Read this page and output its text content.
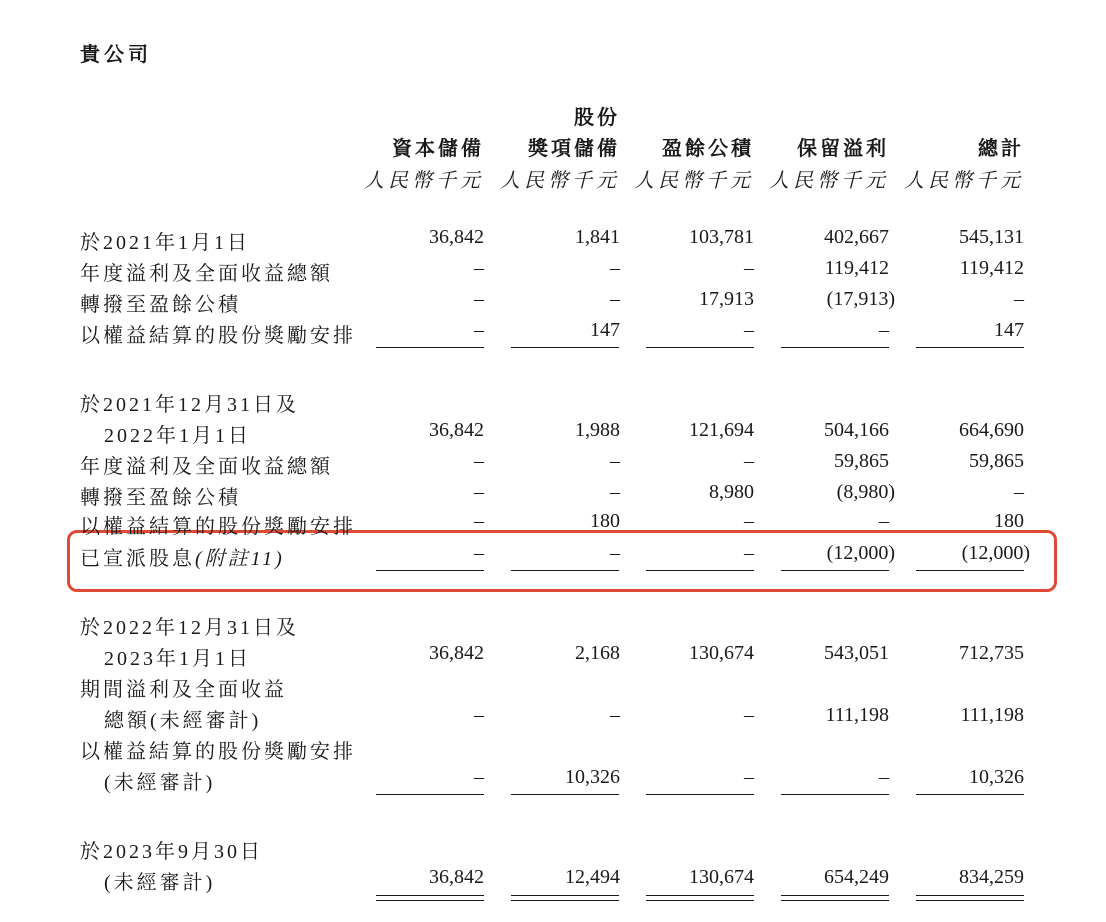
貴公司
股份
資本儲備 獎項儲備 盈餘公積 保留溢利	總計
人民幣千元 人民幣千元 人民幣千元 人民幣千元 人民幣千元
於2021年1月1日	36,842	1,841	103,781	402,667	545,131
年度溢利及全面收益總額	–	–	–	119,412	119,412
轉撥至盈餘公積	–	–	17,913	(17,913)	–
以權益結算的股份獎勵安排	–	147	–	–	147
於2021年12月31日及
2022年1月1日	36,842	1,988	121,694	504,166	664,690
年度溢利及全面收益總額	–	–	–	59,865	59,865
轉撥至盈餘公積	–	–	8,980	(8,980)	–
以權益結算的股份獎勵安排	–	180	–	–	180
已宣派股息(附註11)	–	–	–	(12,000)	(12,000)
於2022年12月31日及
2023年1月1日	36,842	2,168	130,674	543,051	712,735
期間溢利及全面收益
總額(未經審計)	–	–	–	111,198	111,198
以權益結算的股份獎勵安排
(未經審計)	–	10,326	–	–	10,326
於2023年9月30日
(未經審計)	36,842	12,494	130,674	654,249	834,259
